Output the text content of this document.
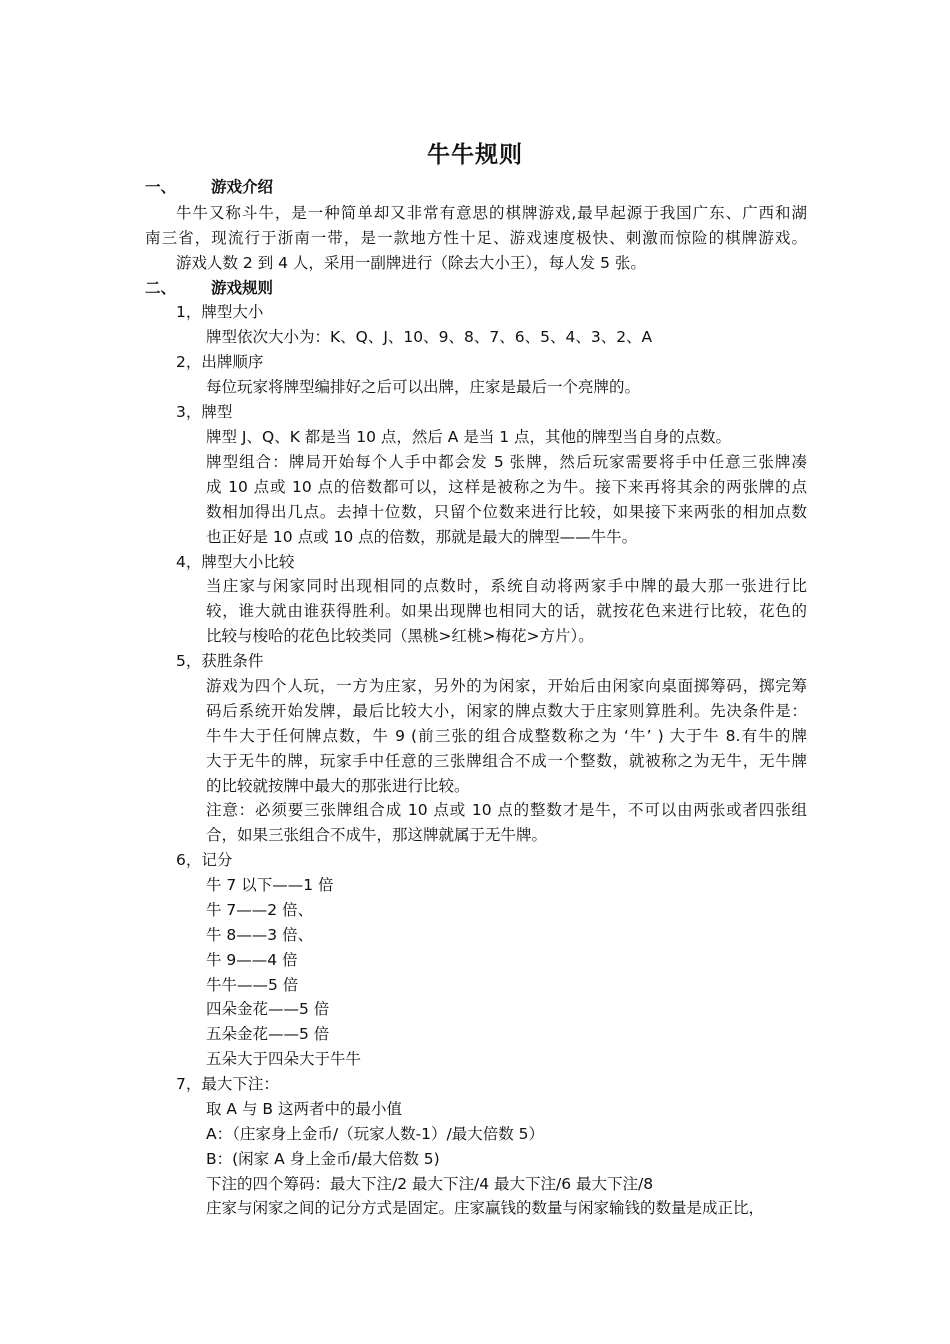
牛牛规则
一、 游戏介绍
牛牛又称斗牛，是一种简单却又非常有意思的棋牌游戏,最早起源于我国广东、广西和湖
南三省，现流行于浙南一带，是一款地方性十足、游戏速度极快、刺激而惊险的棋牌游戏。
游戏人数 2 到 4 人，采用一副牌进行（除去大小王），每人发 5 张。
二、 游戏规则
1，牌型大小
牌型依次大小为：K、Q、J、10、9、8、7、6、5、4、3、2、A
2，出牌顺序
每位玩家将牌型编排好之后可以出牌，庄家是最后一个亮牌的。
3，牌型
牌型 J、Q、K 都是当 10 点，然后 A 是当 1 点，其他的牌型当自身的点数。
牌型组合：牌局开始每个人手中都会发 5 张牌，然后玩家需要将手中任意三张牌凑
成 10 点或 10 点的倍数都可以，这样是被称之为牛。接下来再将其余的两张牌的点
数相加得出几点。去掉十位数，只留个位数来进行比较，如果接下来两张的相加点数
也正好是 10 点或 10 点的倍数，那就是最大的牌型——牛牛。
4，牌型大小比较
当庄家与闲家同时出现相同的点数时，系统自动将两家手中牌的最大那一张进行比
较，谁大就由谁获得胜利。如果出现牌也相同大的话，就按花色来进行比较，花色的
比较与梭哈的花色比较类同（黑桃>红桃>梅花>方片）。
5，获胜条件
游戏为四个人玩，一方为庄家，另外的为闲家，开始后由闲家向桌面掷筹码，掷完筹
码后系统开始发牌，最后比较大小，闲家的牌点数大于庄家则算胜利。先决条件是：
牛牛大于任何牌点数，牛 9 (前三张的组合成整数称之为 ‘牛’ ) 大于牛 8.有牛的牌
大于无牛的牌，玩家手中任意的三张牌组合不成一个整数，就被称之为无牛，无牛牌
的比较就按牌中最大的那张进行比较。
注意：必须要三张牌组合成 10 点或 10 点的整数才是牛，不可以由两张或者四张组
合，如果三张组合不成牛，那这牌就属于无牛牌。
6，记分
牛 7 以下——1 倍
牛 7——2 倍、
牛 8——3 倍、
牛 9——4 倍
牛牛——5 倍
四朵金花——5 倍
五朵金花——5 倍
五朵大于四朵大于牛牛
7，最大下注：
取 A 与 B 这两者中的最小值
A：（庄家身上金币/（玩家人数-1）/最大倍数 5）
B：(闲家 A 身上金币/最大倍数 5)
下注的四个筹码：最大下注/2 最大下注/4 最大下注/6 最大下注/8
庄家与闲家之间的记分方式是固定。庄家赢钱的数量与闲家输钱的数量是成正比，
